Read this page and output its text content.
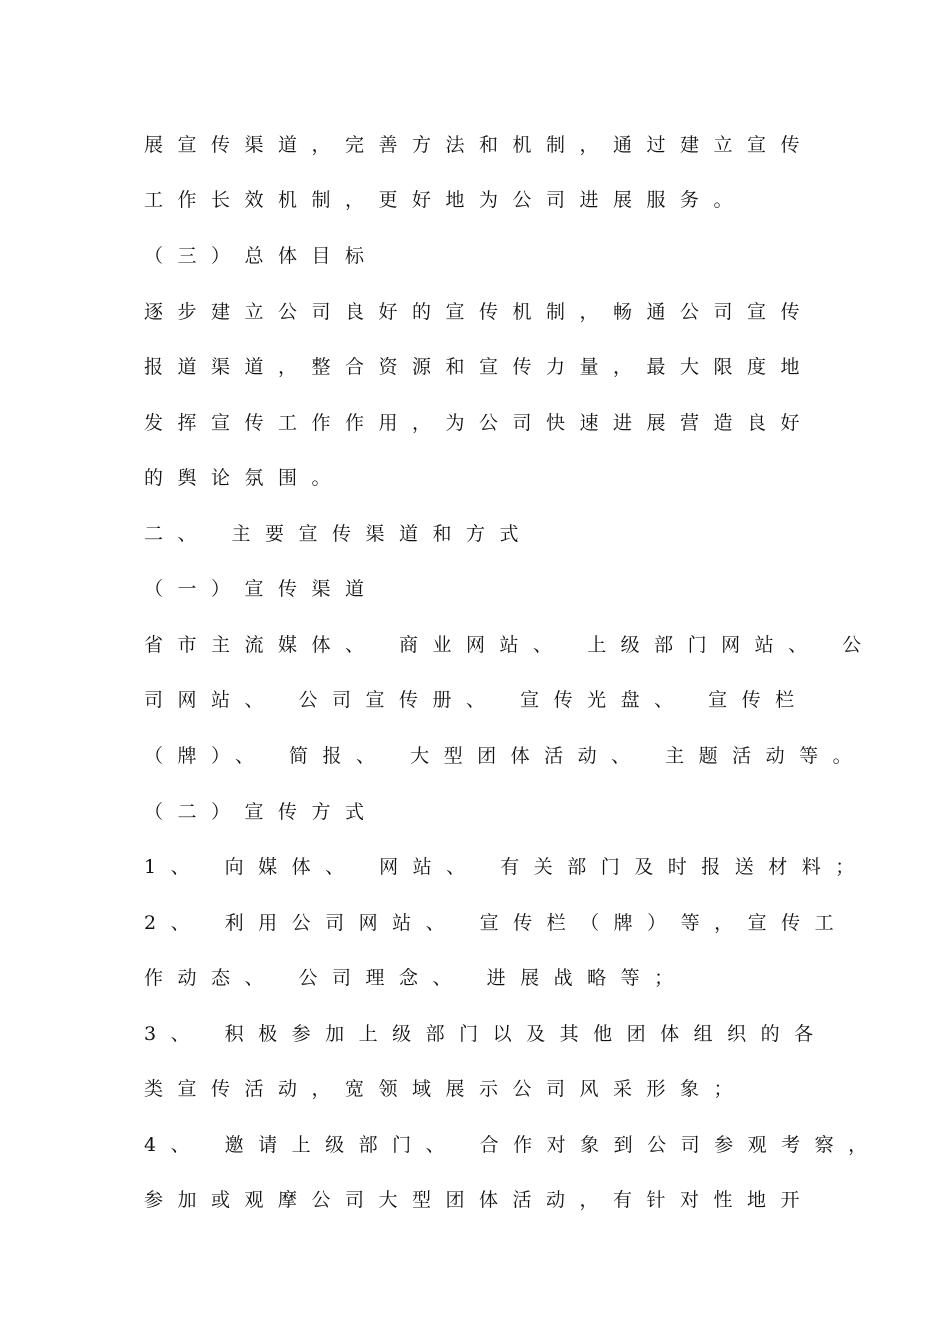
展宣传渠道，完善方法和机制，通过建立宣传
工作长效机制，更好地为公司进展服务。
（三）总体目标
逐步建立公司良好的宣传机制，畅通公司宣传
报道渠道，整合资源和宣传力量，最大限度地
发挥宣传工作作用，为公司快速进展营造良好
的舆论氛围。
二、 主要宣传渠道和方式
（一）宣传渠道
省市主流媒体、 商业网站、 上级部门网站、 公
司网站、 公司宣传册、 宣传光盘、 宣传栏
（牌）、 简报、 大型团体活动、 主题活动等。
（二）宣传方式
1、 向媒体、 网站、 有关部门及时报送材料；
2、 利用公司网站、 宣传栏（牌）等，宣传工
作动态、 公司理念、 进展战略等；
3、 积极参加上级部门以及其他团体组织的各
类宣传活动，宽领域展示公司风采形象；
4、 邀请上级部门、 合作对象到公司参观考察，
参加或观摩公司大型团体活动，有针对性地开
